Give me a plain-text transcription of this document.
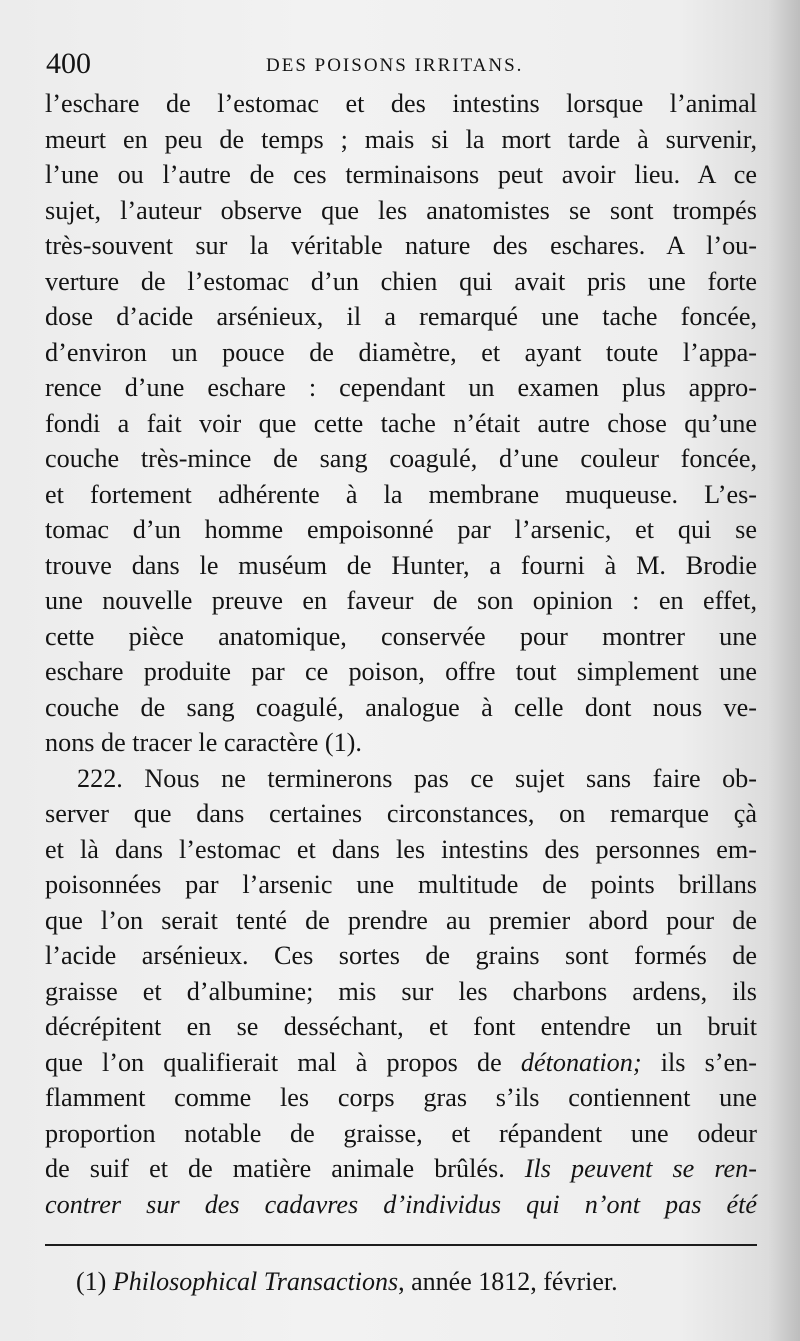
400	DES POISONS IRRITANS.
l’eschare de l’estomac et des intestins lorsque l’animal
meurt en peu de temps ; mais si la mort tarde à survenir,
l’une ou l’autre de ces terminaisons peut avoir lieu. A ce
sujet, l’auteur observe que les anatomistes se sont trompés
très-souvent sur la véritable nature des eschares. A l’ou-
verture de l’estomac d’un chien qui avait pris une forte
dose d’acide arsénieux, il a remarqué une tache foncée,
d’environ un pouce de diamètre, et ayant toute l’appa-
rence d’une eschare : cependant un examen plus appro-
fondi a fait voir que cette tache n’était autre chose qu’une
couche très-mince de sang coagulé, d’une couleur foncée,
et fortement adhérente à la membrane muqueuse. L’es-
tomac d’un homme empoisonné par l’arsenic, et qui se
trouve dans le muséum de Hunter, a fourni à M. Brodie
une nouvelle preuve en faveur de son opinion : en effet,
cette pièce anatomique, conservée pour montrer une
eschare produite par ce poison, offre tout simplement une
couche de sang coagulé, analogue à celle dont nous ve-
nons de tracer le caractère (1).
222. Nous ne terminerons pas ce sujet sans faire ob-
server que dans certaines circonstances, on remarque çà
et là dans l’estomac et dans les intestins des personnes em-
poisonnées par l’arsenic une multitude de points brillans
que l’on serait tenté de prendre au premier abord pour de
l’acide arsénieux. Ces sortes de grains sont formés de
graisse et d’albumine; mis sur les charbons ardens, ils
décrépitent en se desséchant, et font entendre un bruit
que l’on qualifierait mal à propos de détonation; ils s’en-
flamment comme les corps gras s’ils contiennent une
proportion notable de graisse, et répandent une odeur
de suif et de matière animale brûlés. Ils peuvent se ren-
contrer sur des cadavres d’individus qui n’ont pas été
(1) Philosophical Transactions, année 1812, février.
